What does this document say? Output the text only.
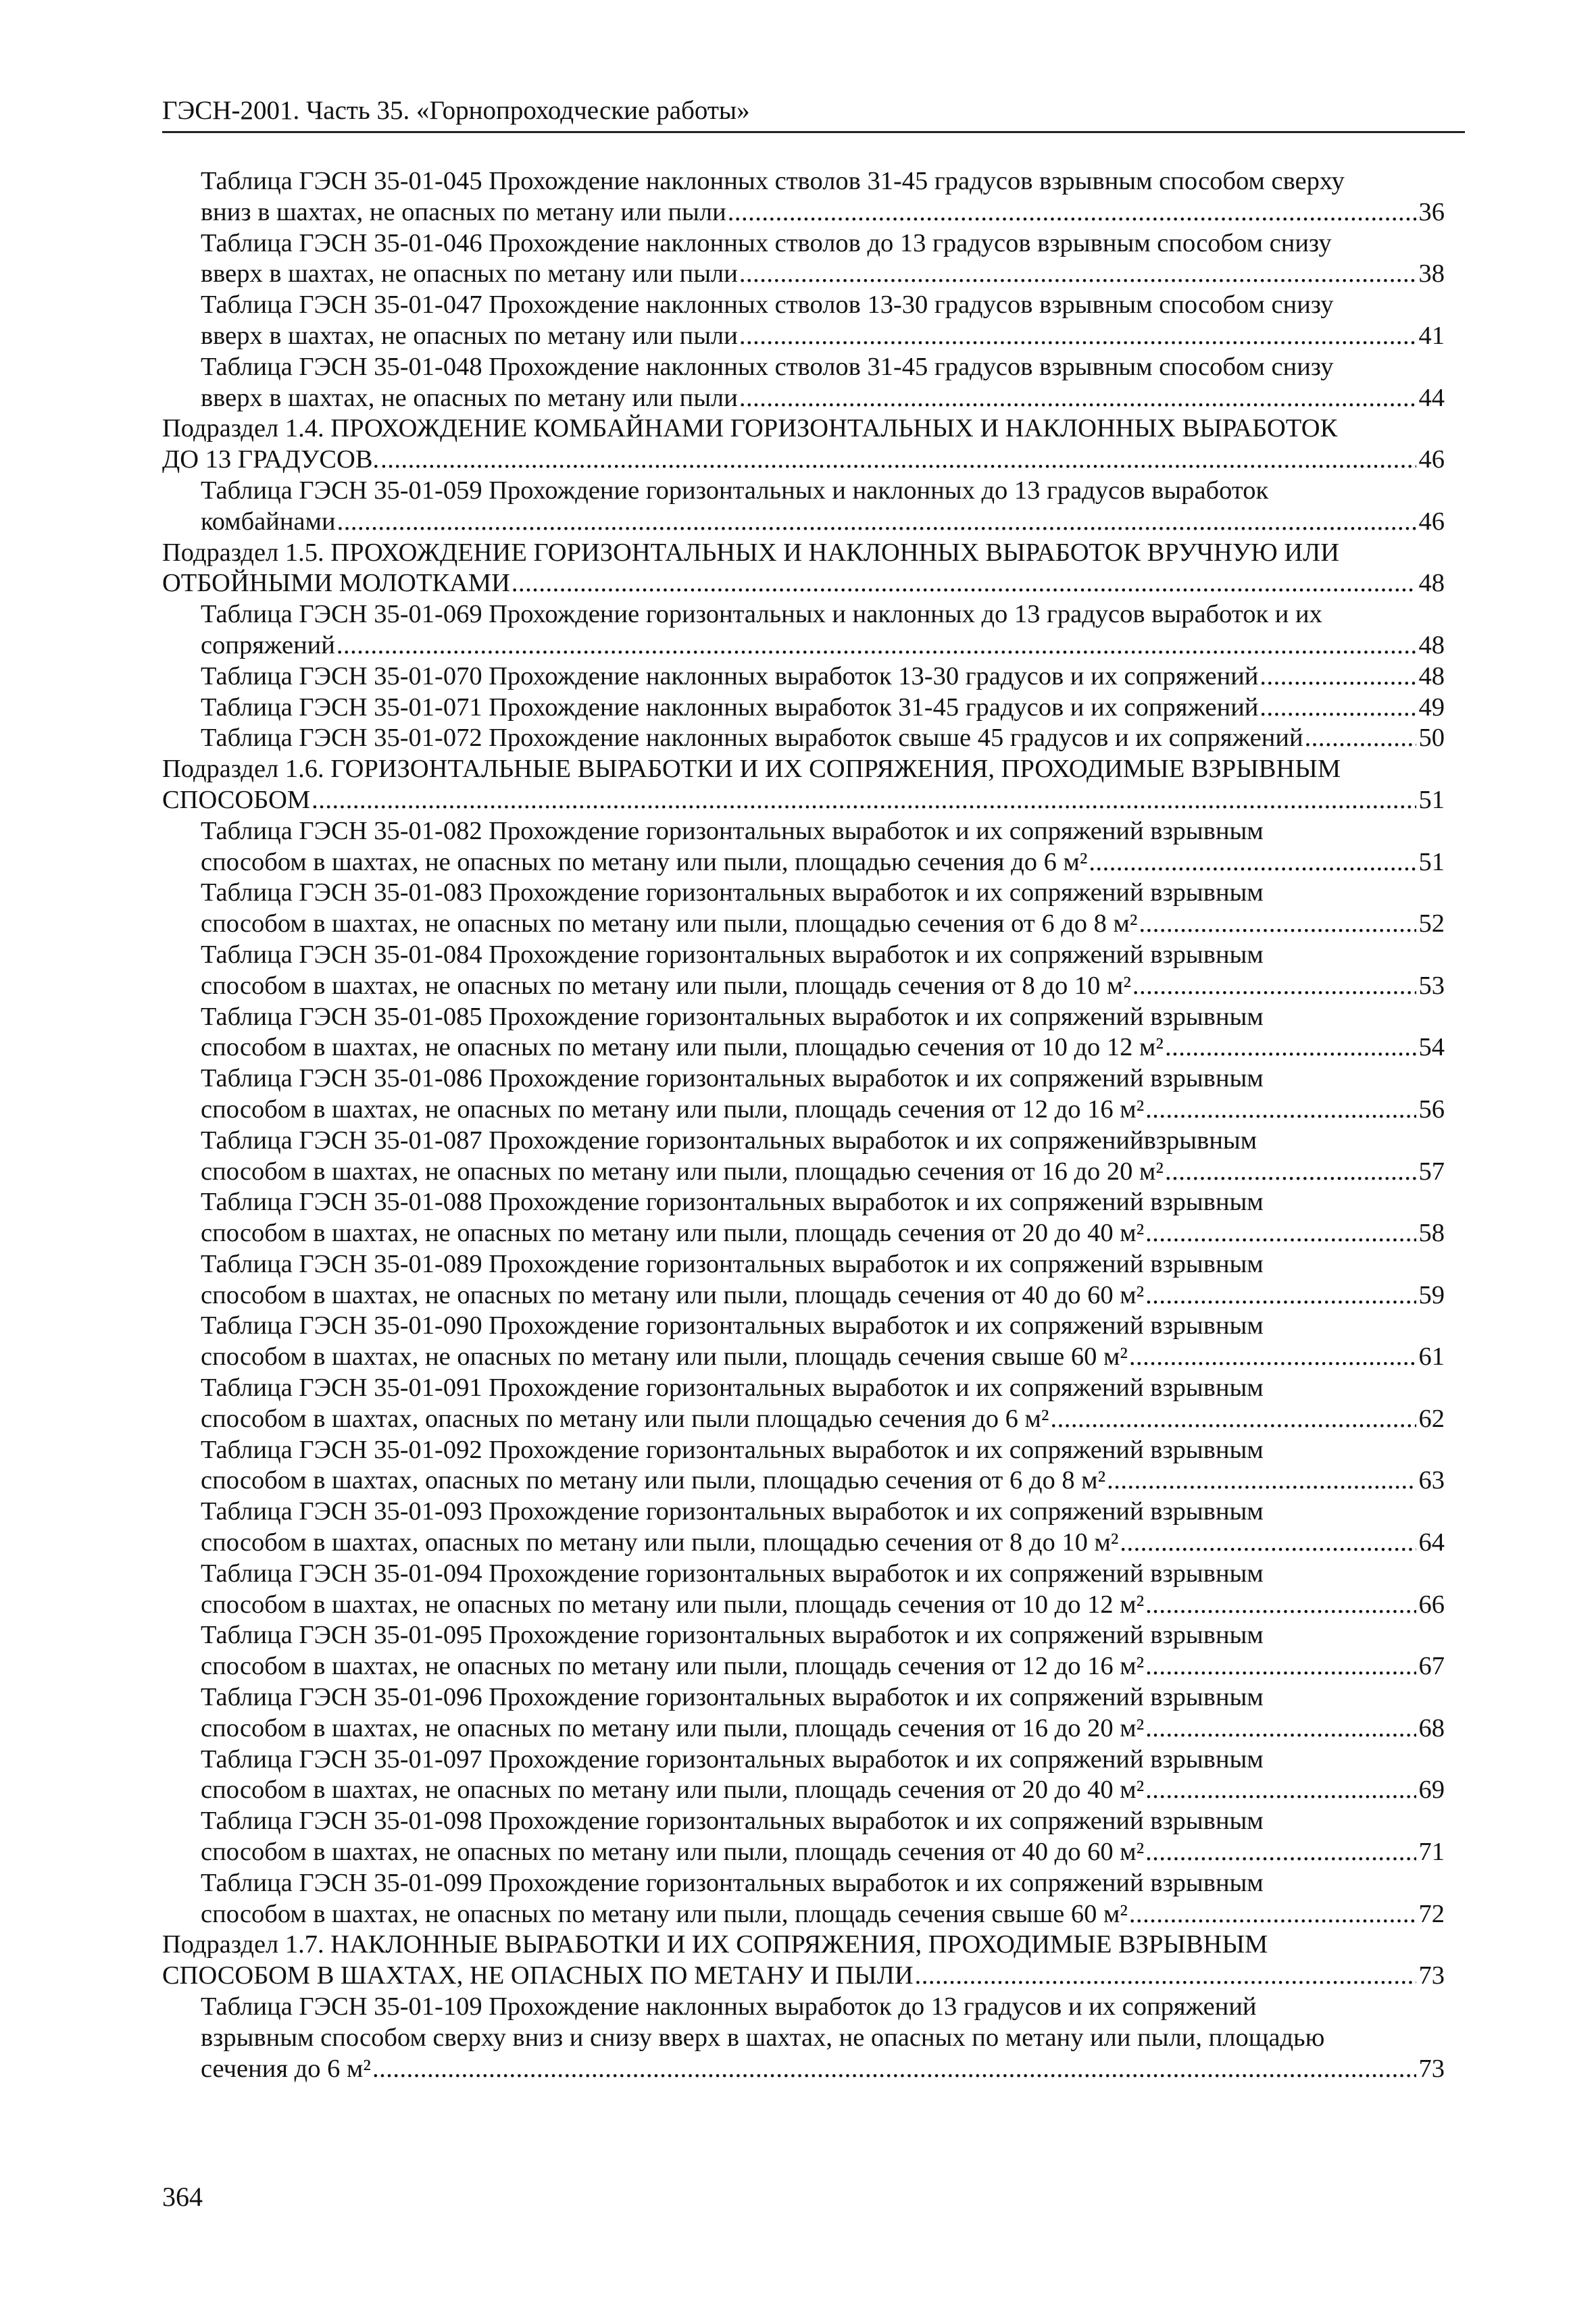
ГЭСН-2001. Часть 35. «Горнопроходческие работы»
Таблица ГЭСН 35-01-045 Прохождение наклонных стволов 31-45 градусов взрывным способом сверху
вниз в шахтах, не опасных по метану или пыли .....	36
Таблица ГЭСН 35-01-046 Прохождение наклонных стволов до 13 градусов взрывным способом снизу
вверх в шахтах, не опасных по метану или пыли .....	38
Таблица ГЭСН 35-01-047 Прохождение наклонных стволов 13-30 градусов взрывным способом снизу
вверх в шахтах, не опасных по метану или пыли .....	41
Таблица ГЭСН 35-01-048 Прохождение наклонных стволов 31-45 градусов взрывным способом снизу
вверх в шахтах, не опасных по метану или пыли .....	44
Подраздел 1.4. ПРОХОЖДЕНИЕ КОМБАЙНАМИ ГОРИЗОНТАЛЬНЫХ И НАКЛОННЫХ ВЫРАБОТОК
ДО 13 ГРАДУСОВ. .....	46
Таблица ГЭСН 35-01-059 Прохождение горизонтальных и наклонных до 13 градусов выработок
комбайнами .....	46
Подраздел 1.5. ПРОХОЖДЕНИЕ ГОРИЗОНТАЛЬНЫХ И НАКЛОННЫХ ВЫРАБОТОК ВРУЧНУЮ ИЛИ
ОТБОЙНЫМИ МОЛОТКАМИ .....	48
Таблица ГЭСН 35-01-069 Прохождение горизонтальных и наклонных до 13 градусов выработок и их
сопряжений .....	48
Таблица ГЭСН 35-01-070 Прохождение наклонных выработок 13-30 градусов и их сопряжений .....	48
Таблица ГЭСН 35-01-071 Прохождение наклонных выработок 31-45 градусов и их сопряжений .....	49
Таблица ГЭСН 35-01-072 Прохождение наклонных выработок свыше 45 градусов и их сопряжений .....	50
Подраздел 1.6. ГОРИЗОНТАЛЬНЫЕ ВЫРАБОТКИ И ИХ СОПРЯЖЕНИЯ, ПРОХОДИМЫЕ ВЗРЫВНЫМ
СПОСОБОМ .....	51
Таблица ГЭСН 35-01-082 Прохождение горизонтальных выработок и их сопряжений взрывным
способом в шахтах, не опасных по метану или пыли, площадью сечения до 6 м² .....	51
Таблица ГЭСН 35-01-083 Прохождение горизонтальных выработок и их сопряжений взрывным
способом в шахтах, не опасных по метану или пыли, площадью сечения от 6 до 8 м² .....	52
Таблица ГЭСН 35-01-084 Прохождение горизонтальных выработок и их сопряжений взрывным
способом в шахтах, не опасных по метану или пыли, площадь сечения от 8 до 10 м² .....	53
Таблица ГЭСН 35-01-085 Прохождение горизонтальных выработок и их сопряжений взрывным
способом в шахтах, не опасных по метану или пыли, площадью сечения от 10 до 12 м² .....	54
Таблица ГЭСН 35-01-086 Прохождение горизонтальных выработок и их сопряжений взрывным
способом в шахтах, не опасных по метану или пыли, площадь сечения от 12 до 16 м² .....	56
Таблица ГЭСН 35-01-087 Прохождение горизонтальных выработок и их сопряженийвзрывным
способом в шахтах, не опасных по метану или пыли, площадью сечения от 16 до 20 м² .....	57
Таблица ГЭСН 35-01-088 Прохождение горизонтальных выработок и их сопряжений взрывным
способом в шахтах, не опасных по метану или пыли, площадь сечения от 20 до 40 м² .....	58
Таблица ГЭСН 35-01-089 Прохождение горизонтальных выработок и их сопряжений взрывным
способом в шахтах, не опасных по метану или пыли, площадь сечения от 40 до 60 м² .....	59
Таблица ГЭСН 35-01-090 Прохождение горизонтальных выработок и их сопряжений взрывным
способом в шахтах, не опасных по метану или пыли, площадь сечения свыше 60 м² .....	61
Таблица ГЭСН 35-01-091 Прохождение горизонтальных выработок и их сопряжений взрывным
способом в шахтах, опасных по метану или пыли площадью сечения до 6 м² .....	62
Таблица ГЭСН 35-01-092 Прохождение горизонтальных выработок и их сопряжений взрывным
способом в шахтах, опасных по метану или пыли, площадью сечения от 6 до 8 м² .....	63
Таблица ГЭСН 35-01-093 Прохождение горизонтальных выработок и их сопряжений взрывным
способом в шахтах, опасных по метану или пыли, площадью сечения от 8 до 10 м² .....	64
Таблица ГЭСН 35-01-094 Прохождение горизонтальных выработок и их сопряжений взрывным
способом в шахтах, не опасных по метану или пыли, площадь сечения от 10 до 12 м² .....	66
Таблица ГЭСН 35-01-095 Прохождение горизонтальных выработок и их сопряжений взрывным
способом в шахтах, не опасных по метану или пыли, площадь сечения от 12 до 16 м² .....	67
Таблица ГЭСН 35-01-096 Прохождение горизонтальных выработок и их сопряжений взрывным
способом в шахтах, не опасных по метану или пыли, площадь сечения от 16 до 20 м² .....	68
Таблица ГЭСН 35-01-097 Прохождение горизонтальных выработок и их сопряжений взрывным
способом в шахтах, не опасных по метану или пыли, площадь сечения от 20 до 40 м² .....	69
Таблица ГЭСН 35-01-098 Прохождение горизонтальных выработок и их сопряжений взрывным
способом в шахтах, не опасных по метану или пыли, площадь сечения от 40 до 60 м² .....	71
Таблица ГЭСН 35-01-099 Прохождение горизонтальных выработок и их сопряжений взрывным
способом в шахтах, не опасных по метану или пыли, площадь сечения свыше 60 м² .....	72
Подраздел 1.7. НАКЛОННЫЕ ВЫРАБОТКИ И ИХ СОПРЯЖЕНИЯ, ПРОХОДИМЫЕ ВЗРЫВНЫМ
СПОСОБОМ В ШАХТАХ, НЕ ОПАСНЫХ ПО МЕТАНУ И ПЫЛИ .....	73
Таблица ГЭСН 35-01-109 Прохождение наклонных выработок до 13 градусов и их сопряжений
взрывным способом сверху вниз и снизу вверх в шахтах, не опасных по метану или пыли, площадью
сечения до 6 м² .....	73
364
